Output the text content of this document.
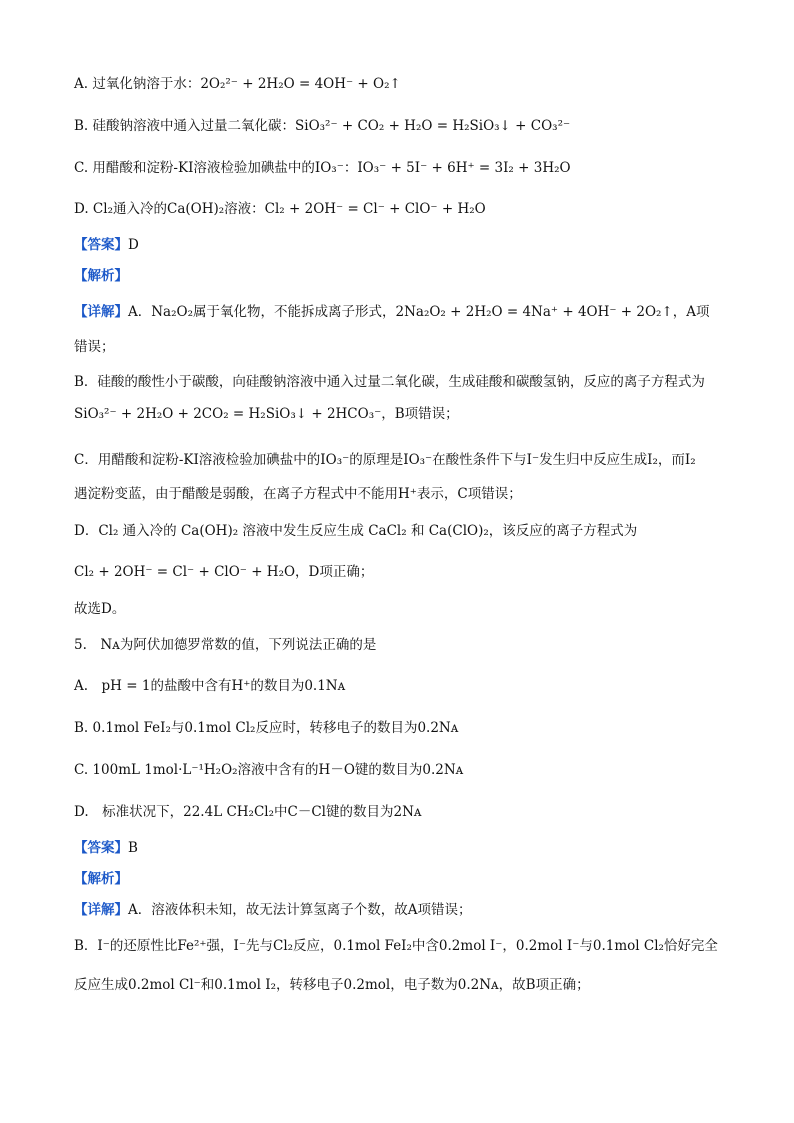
A. 过氧化钠溶于水：2O₂²⁻ + 2H₂O = 4OH⁻ + O₂↑
B. 硅酸钠溶液中通入过量二氧化碳：SiO₃²⁻ + CO₂ + H₂O = H₂SiO₃↓ + CO₃²⁻
C. 用醋酸和淀粉-KI溶液检验加碘盐中的IO₃⁻：IO₃⁻ + 5I⁻ + 6H⁺ = 3I₂ + 3H₂O
D. Cl₂通入冷的Ca(OH)₂溶液：Cl₂ + 2OH⁻ = Cl⁻ + ClO⁻ + H₂O
【答案】D
【解析】
【详解】A．Na₂O₂属于氧化物，不能拆成离子形式，2Na₂O₂ + 2H₂O = 4Na⁺ + 4OH⁻ + 2O₂↑，A项
错误；
B．硅酸的酸性小于碳酸，向硅酸钠溶液中通入过量二氧化碳，生成硅酸和碳酸氢钠，反应的离子方程式为
SiO₃²⁻ + 2H₂O + 2CO₂ = H₂SiO₃↓ + 2HCO₃⁻，B项错误；
C．用醋酸和淀粉-KI溶液检验加碘盐中的IO₃⁻的原理是IO₃⁻在酸性条件下与I⁻发生归中反应生成I₂，而I₂
遇淀粉变蓝，由于醋酸是弱酸，在离子方程式中不能用H⁺表示，C项错误；
D．Cl₂ 通入冷的 Ca(OH)₂ 溶液中发生反应生成 CaCl₂ 和 Ca(ClO)₂，该反应的离子方程式为
Cl₂ + 2OH⁻ = Cl⁻ + ClO⁻ + H₂O，D项正确；
故选D。
5.　Nᴀ为阿伏加德罗常数的值，下列说法正确的是
A.　pH = 1的盐酸中含有H⁺的数目为0.1Nᴀ
B. 0.1mol FeI₂与0.1mol Cl₂反应时，转移电子的数目为0.2Nᴀ
C. 100mL 1mol·L⁻¹H₂O₂溶液中含有的H－O键的数目为0.2Nᴀ
D.　标准状况下，22.4L CH₂Cl₂中C－Cl键的数目为2Nᴀ
【答案】B
【解析】
【详解】A．溶液体积未知，故无法计算氢离子个数，故A项错误；
B．I⁻的还原性比Fe²⁺强，I⁻先与Cl₂反应，0.1mol FeI₂中含0.2mol I⁻，0.2mol I⁻与0.1mol Cl₂恰好完全
反应生成0.2mol Cl⁻和0.1mol I₂，转移电子0.2mol，电子数为0.2Nᴀ，故B项正确；
